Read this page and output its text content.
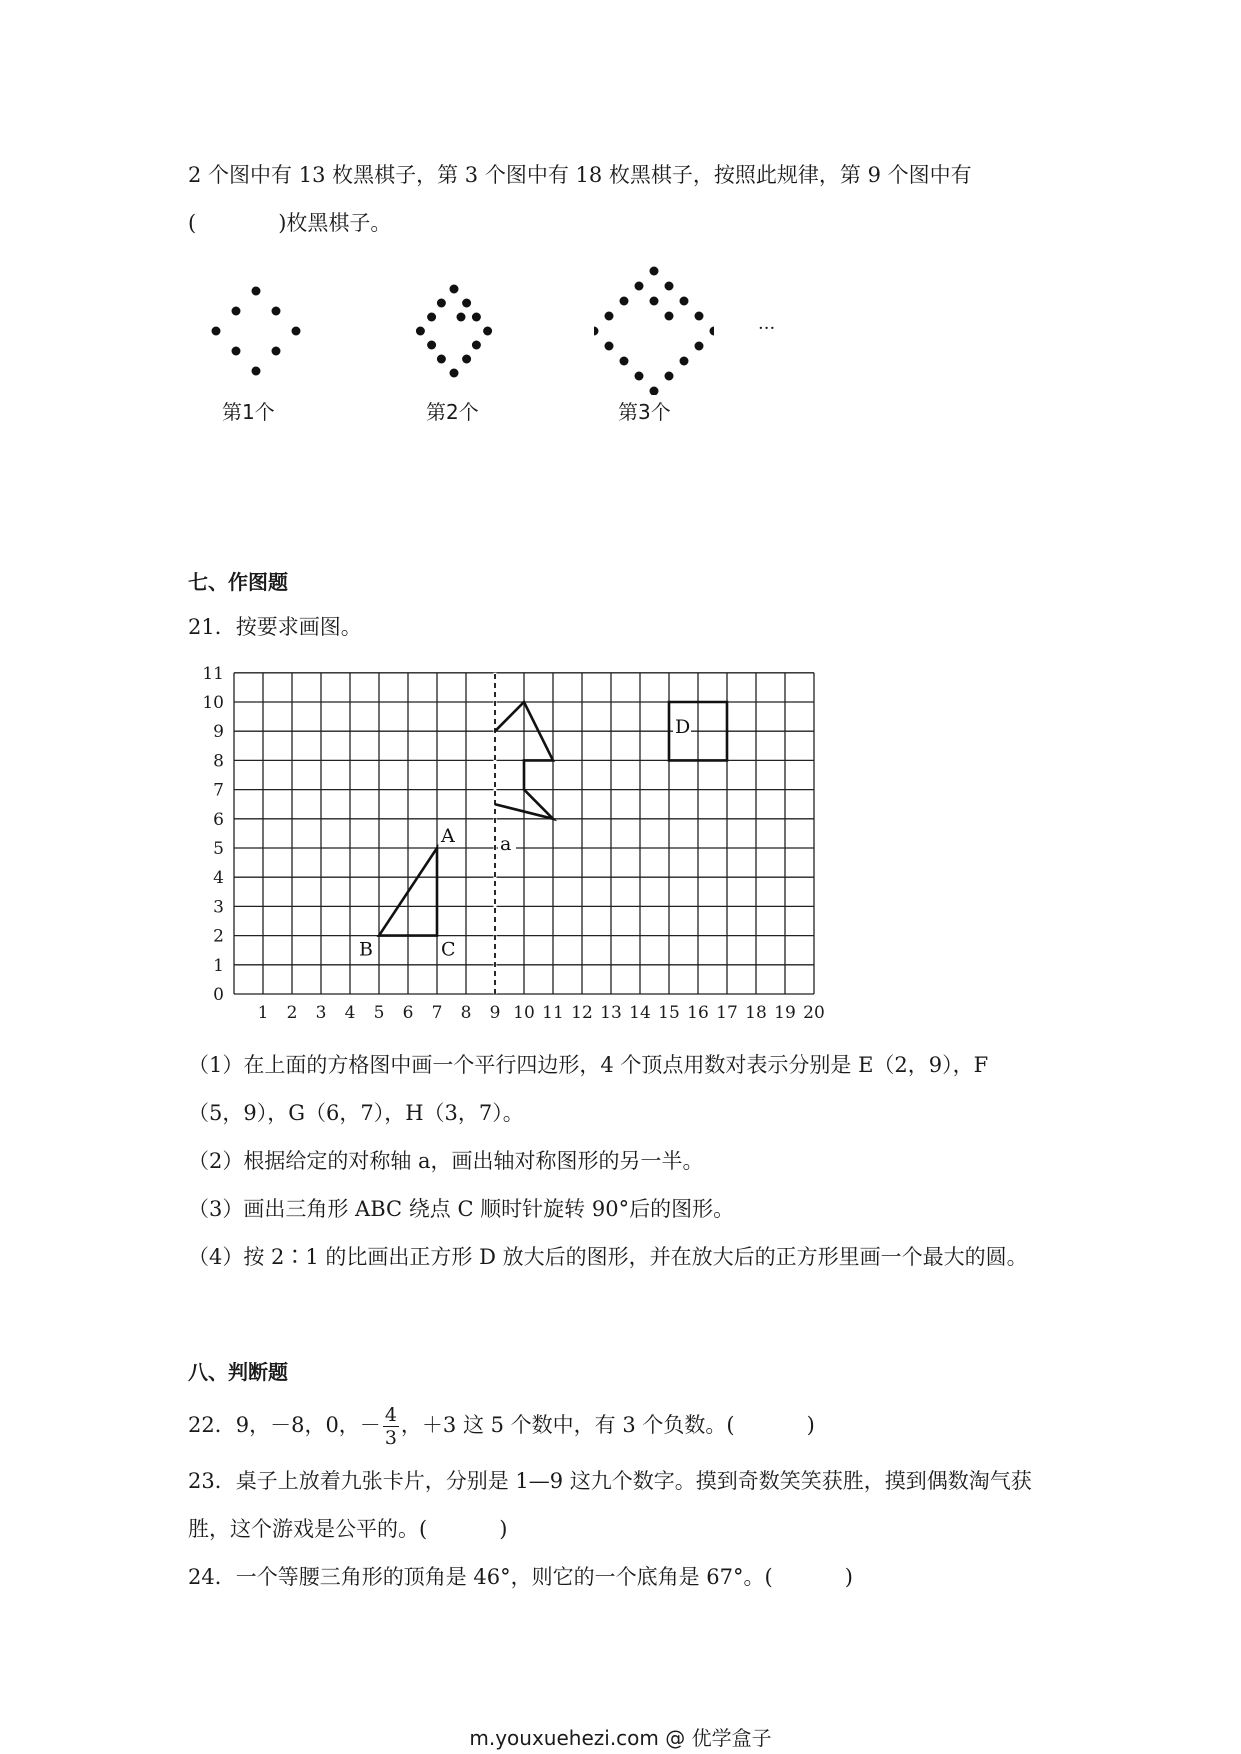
2 个图中有 13 枚黑棋子，第 3 个图中有 18 枚黑棋子，按照此规律，第 9 个图中有
(	)枚黑棋子。
第1个	第2个	第3个
···
七、作图题
21．按要求画图。
1 2 3 4 5 6 7 8 9 10 11 12 13 14 15 16 17 18 19 20
0
1
2
3
4
5
6
7
8
9
10
11
A
B	C
D
a
（1）在上面的方格图中画一个平行四边形，4 个顶点用数对表示分别是 E（2，9），F
（5，9），G（6，7），H（3，7）。
（2）根据给定的对称轴 a，画出轴对称图形的另一半。
（3）画出三角形 ABC 绕点 C 顺时针旋转 90°后的图形。
（4）按 2∶1 的比画出正方形 D 放大后的图形，并在放大后的正方形里画一个最大的圆。
八、判断题
22．9，－8，0，－ $\frac{4}{3}$ ，＋3 这 5 个数中，有 3 个负数。(	)
23．桌子上放着九张卡片，分别是 1—9 这九个数字。摸到奇数笑笑获胜，摸到偶数淘气获
胜，这个游戏是公平的。(	)
24．一个等腰三角形的顶角是 46°，则它的一个底角是 67°。(	)
m.youxuehezi.com @ 优学盒子
